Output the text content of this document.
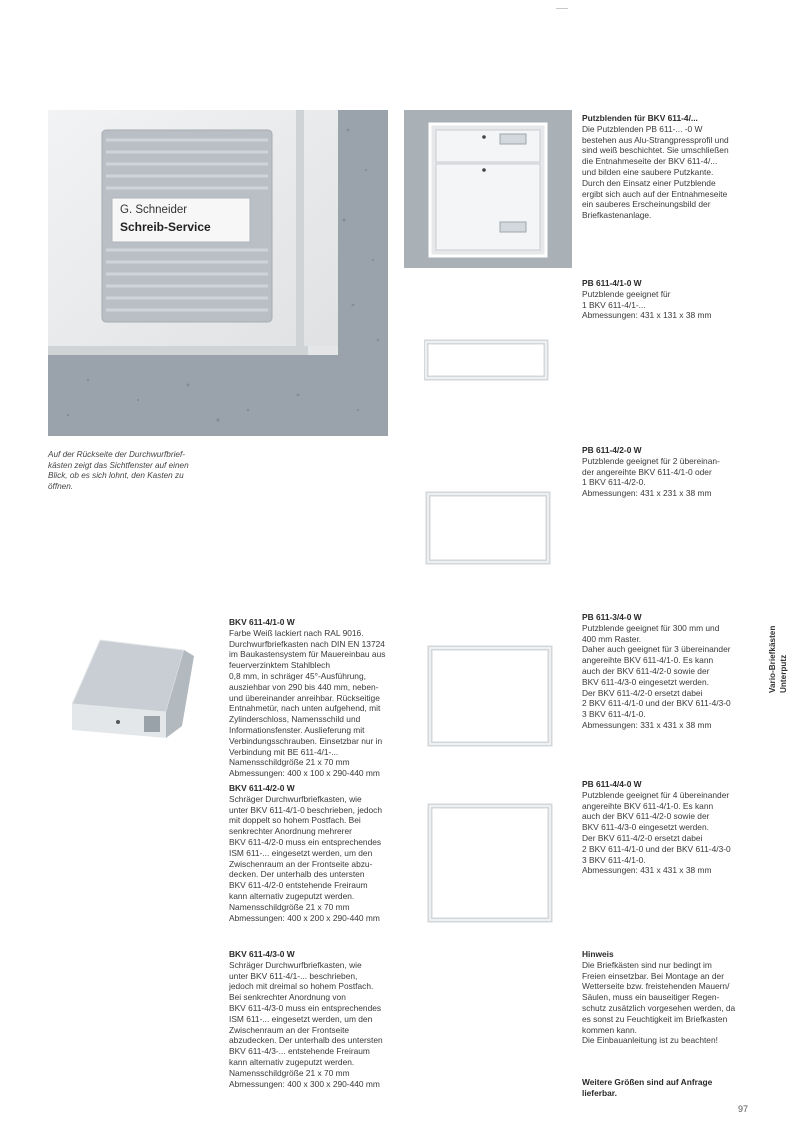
G. Schneider
Schreib-Service
Auf der Rückseite der Durchwurfbrief-
kästen zeigt das Sichtfenster auf einen
Blick, ob es sich lohnt, den Kasten zu
öffnen.
Putzblenden für BKV 611-4/...
Die Putzblenden PB 611-... -0 W
bestehen aus Alu-Strangpressprofil und
sind weiß beschichtet. Sie umschließen
die Entnahmeseite der BKV 611-4/...
und bilden eine saubere Putzkante.
Durch den Einsatz einer Putzblende
ergibt sich auch auf der Entnahmeseite
ein sauberes Erscheinungsbild der
Briefkastenanlage.
PB 611-4/1-0 W
Putzblende geeignet für
1 BKV 611-4/1-...
Abmessungen: 431 x 131 x 38 mm
PB 611-4/2-0 W
Putzblende geeignet für 2 übereinan-
der angereihte BKV 611-4/1-0 oder
1 BKV 611-4/2-0.
Abmessungen: 431 x 231 x 38 mm
BKV 611-4/1-0 W
Farbe Weiß lackiert nach RAL 9016.
Durchwurfbriefkasten nach DIN EN 13724
im Baukastensystem für Mauereinbau aus
feuerverzinktem Stahlblech
0,8 mm, in schräger 45°-Ausführung,
ausziehbar von 290 bis 440 mm, neben-
und übereinander anreihbar. Rückseitige
Entnahmetür, nach unten aufgehend, mit
Zylinderschloss, Namensschild und
Informationsfenster. Auslieferung mit
Verbindungsschrauben. Einsetzbar nur in
Verbindung mit BE 611-4/1-...
Namensschildgröße 21 x 70 mm
Abmessungen: 400 x 100 x 290-440 mm
BKV 611-4/2-0 W
Schräger Durchwurfbriefkasten, wie
unter BKV 611-4/1-0 beschrieben, jedoch
mit doppelt so hohem Postfach. Bei
senkrechter Anordnung mehrerer
BKV 611-4/2-0 muss ein entsprechendes
ISM 611-... eingesetzt werden, um den
Zwischenraum an der Frontseite abzu-
decken. Der unterhalb des untersten
BKV 611-4/2-0 entstehende Freiraum
kann alternativ zugeputzt werden.
Namensschildgröße 21 x 70 mm
Abmessungen: 400 x 200 x 290-440 mm
BKV 611-4/3-0 W
Schräger Durchwurfbriefkasten, wie
unter BKV 611-4/1-... beschrieben,
jedoch mit dreimal so hohem Postfach.
Bei senkrechter Anordnung von
BKV 611-4/3-0 muss ein entsprechendes
ISM 611-... eingesetzt werden, um den
Zwischenraum an der Frontseite
abzudecken. Der unterhalb des untersten
BKV 611-4/3-... entstehende Freiraum
kann alternativ zugeputzt werden.
Namensschildgröße 21 x 70 mm
Abmessungen: 400 x 300 x 290-440 mm
PB 611-3/4-0 W
Putzblende geeignet für 300 mm und
400 mm Raster.
Daher auch geeignet für 3 übereinander
angereihte BKV 611-4/1-0. Es kann
auch der BKV 611-4/2-0 sowie der
BKV 611-4/3-0 eingesetzt werden.
Der BKV 611-4/2-0 ersetzt dabei
2 BKV 611-4/1-0 und der BKV 611-4/3-0
3 BKV 611-4/1-0.
Abmessungen: 331 x 431 x 38 mm
PB 611-4/4-0 W
Putzblende geeignet für 4 übereinander
angereihte BKV 611-4/1-0. Es kann
auch der BKV 611-4/2-0 sowie der
BKV 611-4/3-0 eingesetzt werden.
Der BKV 611-4/2-0 ersetzt dabei
2 BKV 611-4/1-0 und der BKV 611-4/3-0
3 BKV 611-4/1-0.
Abmessungen: 431 x 431 x 38 mm
Hinweis
Die Briefkästen sind nur bedingt im
Freien einsetzbar. Bei Montage an der
Wetterseite bzw. freistehenden Mauern/
Säulen, muss ein bauseitiger Regen-
schutz zusätzlich vorgesehen werden, da
es sonst zu Feuchtigkeit im Briefkasten
kommen kann.
Die Einbauanleitung ist zu beachten!
Weitere Größen sind auf Anfrage
lieferbar.
Vario-Briefkästen Unterputz
97
